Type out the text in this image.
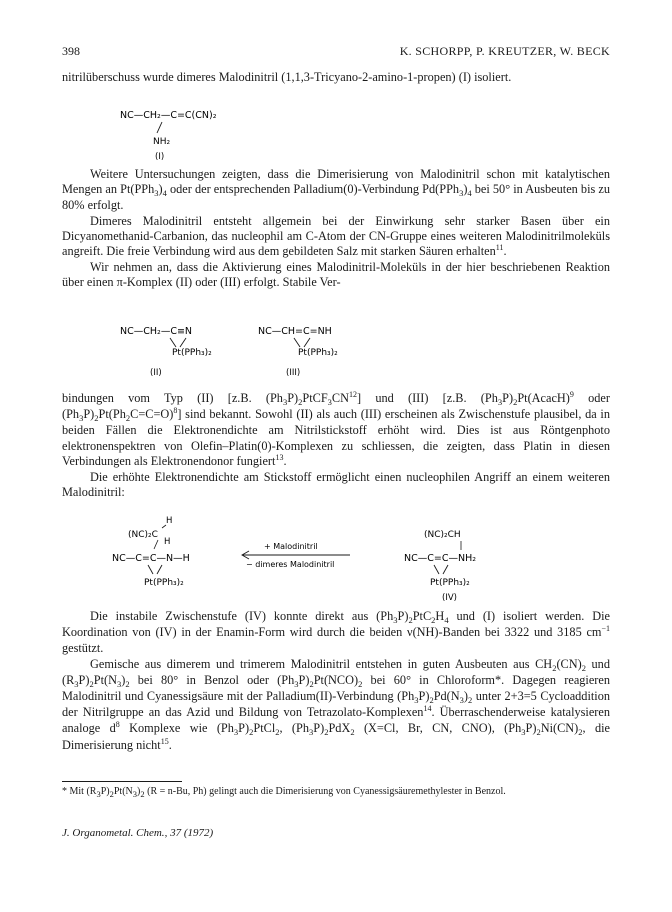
398	K. SCHORPP, P. KREUTZER, W. BECK

nitrilüberschuss wurde dimeres Malodinitril (1,1,3-Tricyano-2-amino-1-propen) (I) isoliert.

NC—CH₂—C=C(CN)₂
NH₂
(I)

Weitere Untersuchungen zeigten, dass die Dimerisierung von Malodinitril schon mit katalytischen Mengen an $Pt(PPh_3)_4$ oder der entsprechenden Palladium(0)-Verbindung $Pd(PPh_3)_4$ bei 50° in Ausbeuten bis zu 80% erfolgt.

Dimeres Malodinitril entsteht allgemein bei der Einwirkung sehr starker Basen über ein Dicyanomethanid-Carbanion, das nucleophil am C-Atom der CN-Gruppe eines weiteren Malodinitrilmoleküls angreift. Die freie Verbindung wird aus dem gebildeten Salz mit starken Säuren erhalten$^{11}$.

Wir nehmen an, dass die Aktivierung eines Malodinitril-Moleküls in der hier beschriebenen Reaktion über einen π-Komplex (II) oder (III) erfolgt. Stabile Ver-

NC—CH₂—C≡N
Pt(PPh₃)₂
(II)
NC—CH=C=NH
Pt(PPh₃)₂
(III)

bindungen vom Typ (II) [z.B. $(Ph_3P)_2PtCF_3CN^{12}$] und (III) [z.B. $(Ph_3P)_2Pt(AcacH)^9$ oder $(Ph_3P)_2Pt(Ph_2C=C=O)^8$] sind bekannt. Sowohl (II) als auch (III) erscheinen als Zwischenstufe plausibel, da in beiden Fällen die Elektronendichte am Nitrilstickstoff erhöht wird. Dies ist aus Röntgenphoto elektronenspektren von Olefin–Platin(0)-Komplexen zu schliessen, die zeigten, dass Platin in diesen Verbindungen als Elektronendonor fungiert$^{13}$.

Die erhöhte Elektronendichte am Stickstoff ermöglicht einen nucleophilen Angriff an einem weiteren Malodinitril:

H
(NC)₂C
H
NC—C=C—N—H
Pt(PPh₃)₂
+ Malodinitril
− dimeres Malodinitril
(NC)₂CH
NC—C=C—NH₂
Pt(PPh₃)₂
(IV)

Die instabile Zwischenstufe (IV) konnte direkt aus $(Ph_3P)_2PtC_2H_4$ und (I) isoliert werden. Die Koordination von (IV) in der Enamin-Form wird durch die beiden ν(NH)-Banden bei 3322 und 3185 $cm^{-1}$ gestützt.

Gemische aus dimerem und trimerem Malodinitril entstehen in guten Ausbeuten aus $CH_2(CN)_2$ und $(R_3P)_2Pt(N_3)_2$ bei 80° in Benzol oder $(Ph_3P)_2Pt(NCO)_2$ bei 60° in Chloroform*. Dagegen reagieren Malodinitril und Cyanessigsäure mit der Palladium(II)-Verbindung $(Ph_3P)_2Pd(N_3)_2$ unter 2+3=5 Cycloaddition der Nitrilgruppe an das Azid und Bildung von Tetrazolato-Komplexen$^{14}$. Überraschenderweise katalysieren analoge $d^8$ Komplexe wie $(Ph_3P)_2PtCl_2$, $(Ph_3P)_2PdX_2$ (X=Cl, Br, CN, CNO), $(Ph_3P)_2Ni(CN)_2$, die Dimerisierung nicht$^{15}$.

* Mit $(R_3P)_2Pt(N_3)_2$ (R = n-Bu, Ph) gelingt auch die Dimerisierung von Cyanessigsäuremethylester in Benzol.
J. Organometal. Chem., 37 (1972)
